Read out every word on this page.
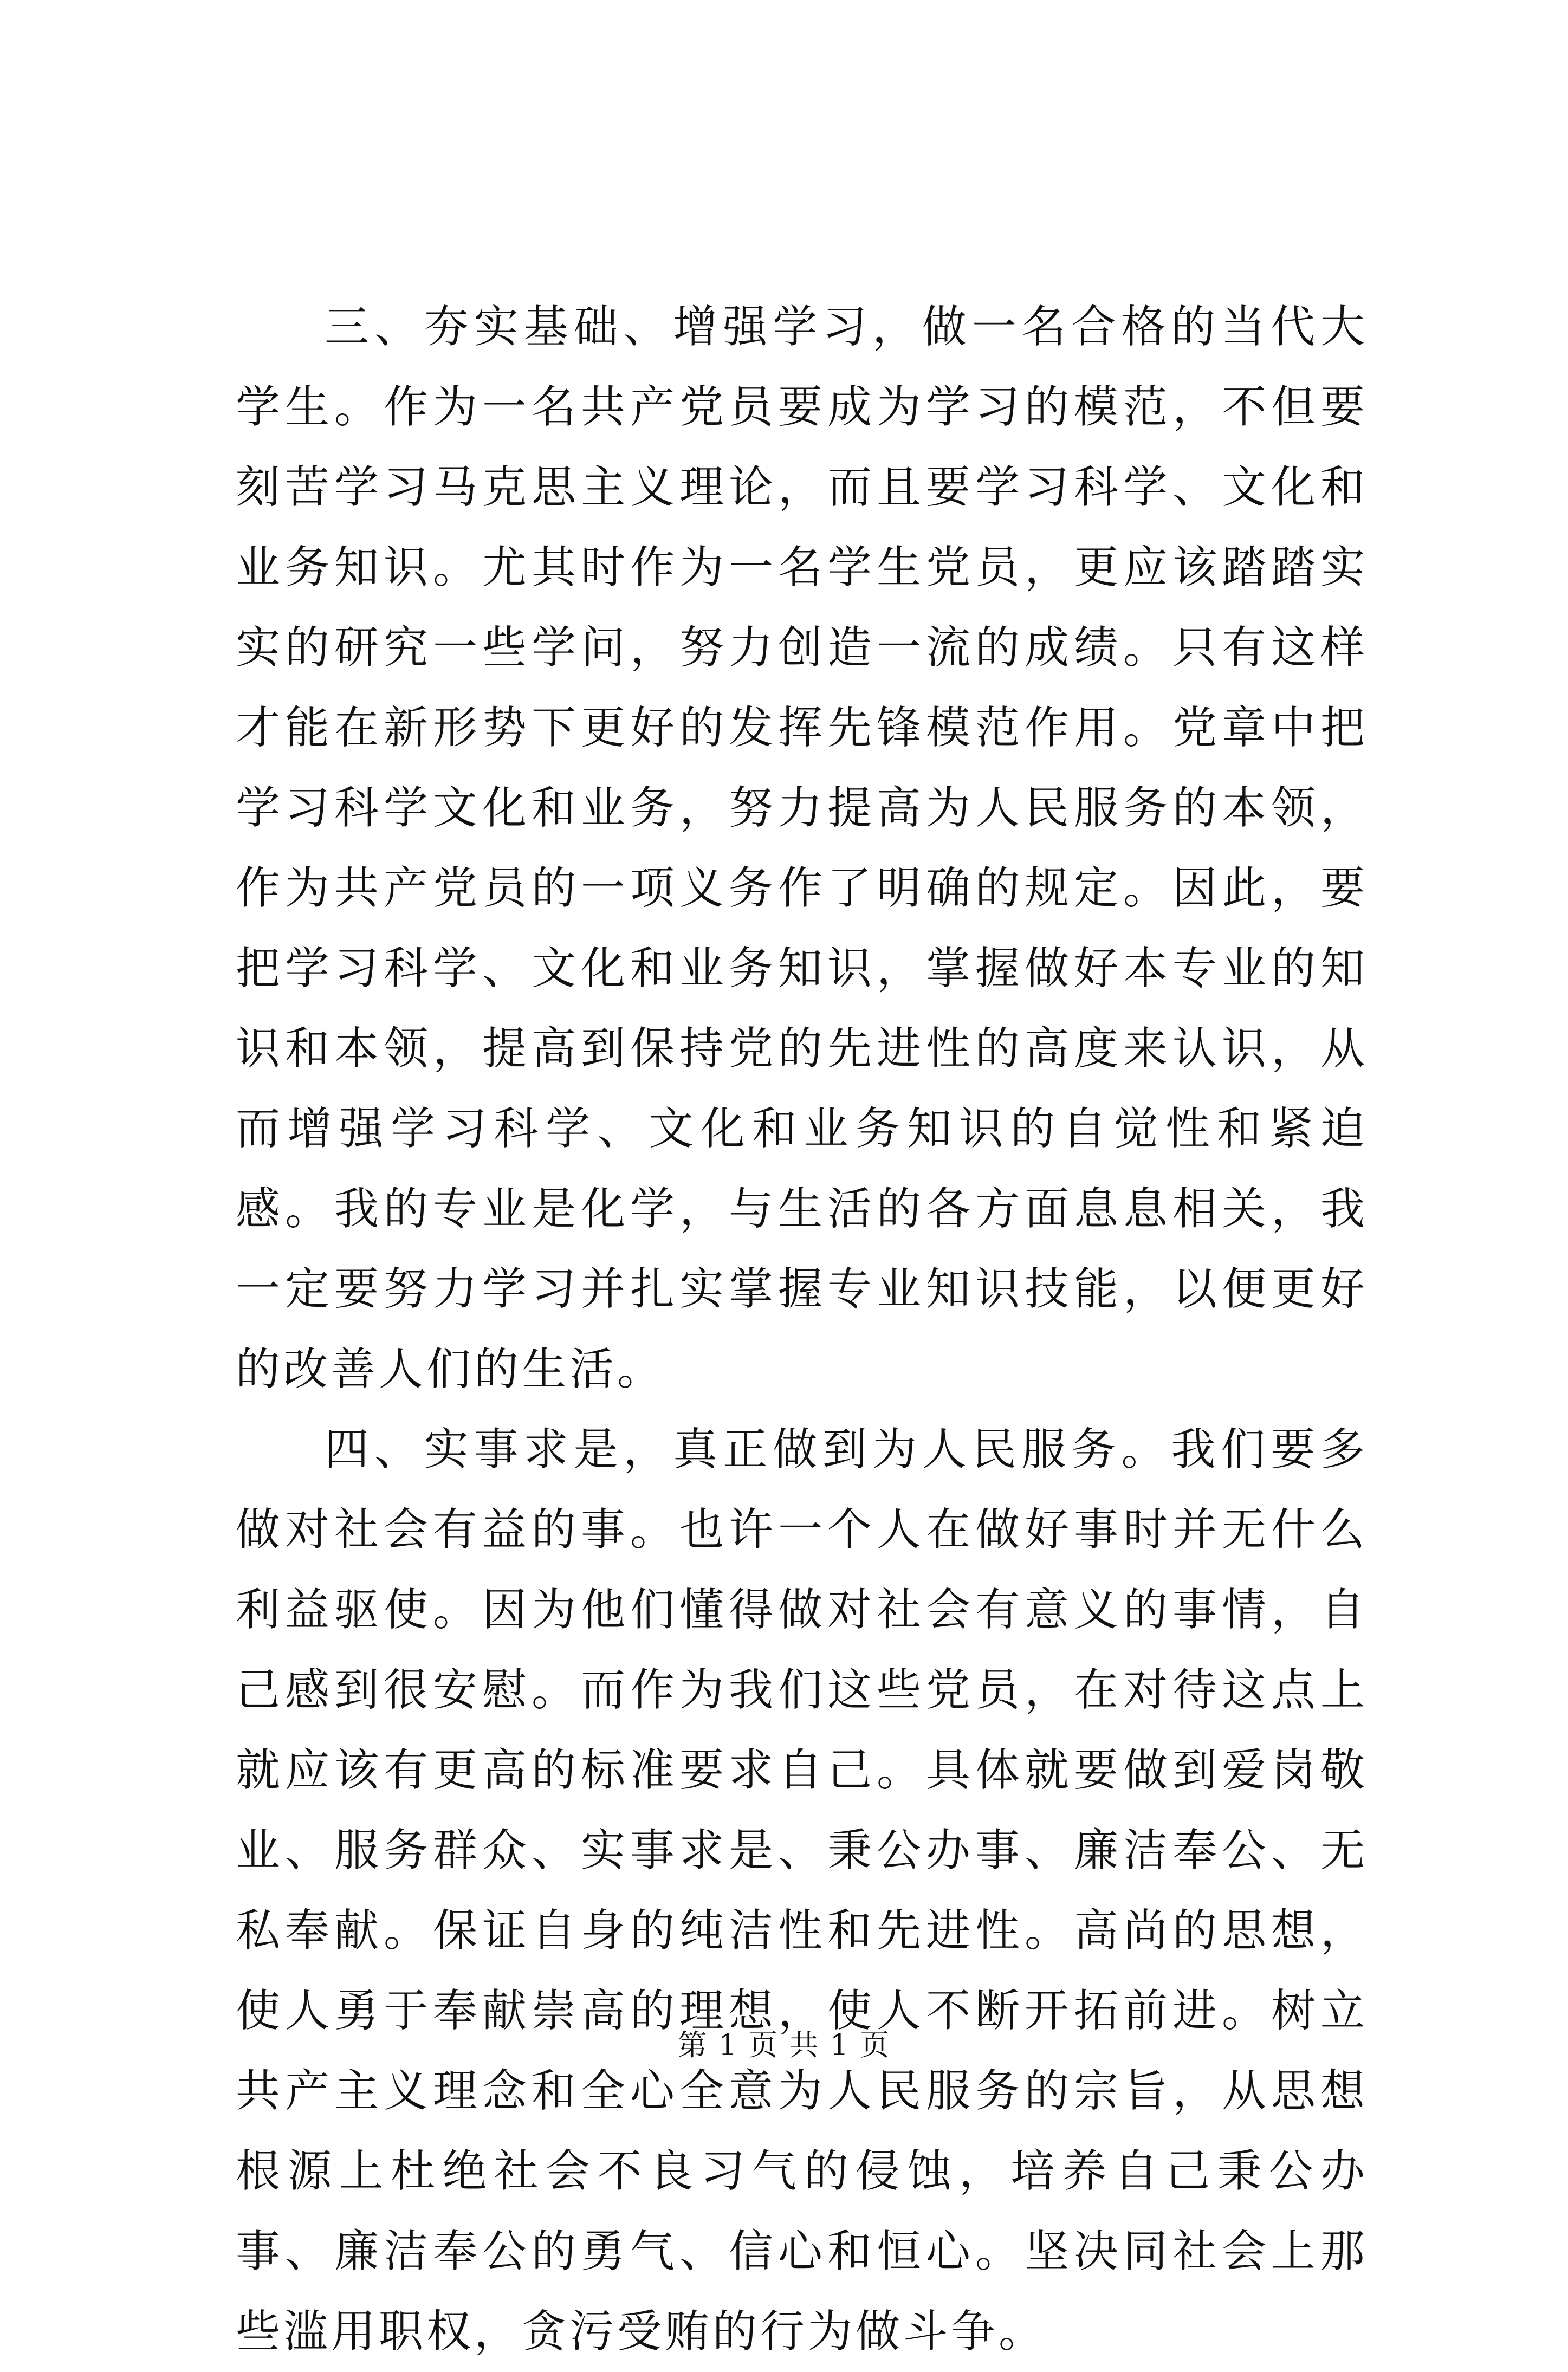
三、夯实基础、增强学习，做一名合格的当代大学生。作为一名共产党员要成为学习的模范，不但要刻苦学习马克思主义理论，而且要学习科学、文化和业务知识。尤其时作为一名学生党员，更应该踏踏实实的研究一些学问，努力创造一流的成绩。只有这样才能在新形势下更好的发挥先锋模范作用。党章中把学习科学文化和业务，努力提高为人民服务的本领，作为共产党员的一项义务作了明确的规定。因此，要把学习科学、文化和业务知识，掌握做好本专业的知识和本领，提高到保持党的先进性的高度来认识，从而增强学习科学、文化和业务知识的自觉性和紧迫感。我的专业是化学，与生活的各方面息息相关，我一定要努力学习并扎实掌握专业知识技能，以便更好的改善人们的生活。

四、实事求是，真正做到为人民服务。我们要多做对社会有益的事。也许一个人在做好事时并无什么利益驱使。因为他们懂得做对社会有意义的事情，自己感到很安慰。而作为我们这些党员，在对待这点上就应该有更高的标准要求自己。具体就要做到爱岗敬业、服务群众、实事求是、秉公办事、廉洁奉公、无私奉献。保证自身的纯洁性和先进性。高尚的思想，使人勇于奉献崇高的理想，使人不断开拓前进。树立共产主义理念和全心全意为人民服务的宗旨，从思想根源上杜绝社会不良习气的侵蚀，培养自己秉公办事、廉洁奉公的勇气、信心和恒心。坚决同社会上那些滥用职权，贪污受贿的行为做斗争。

第 1 页 共 1 页
